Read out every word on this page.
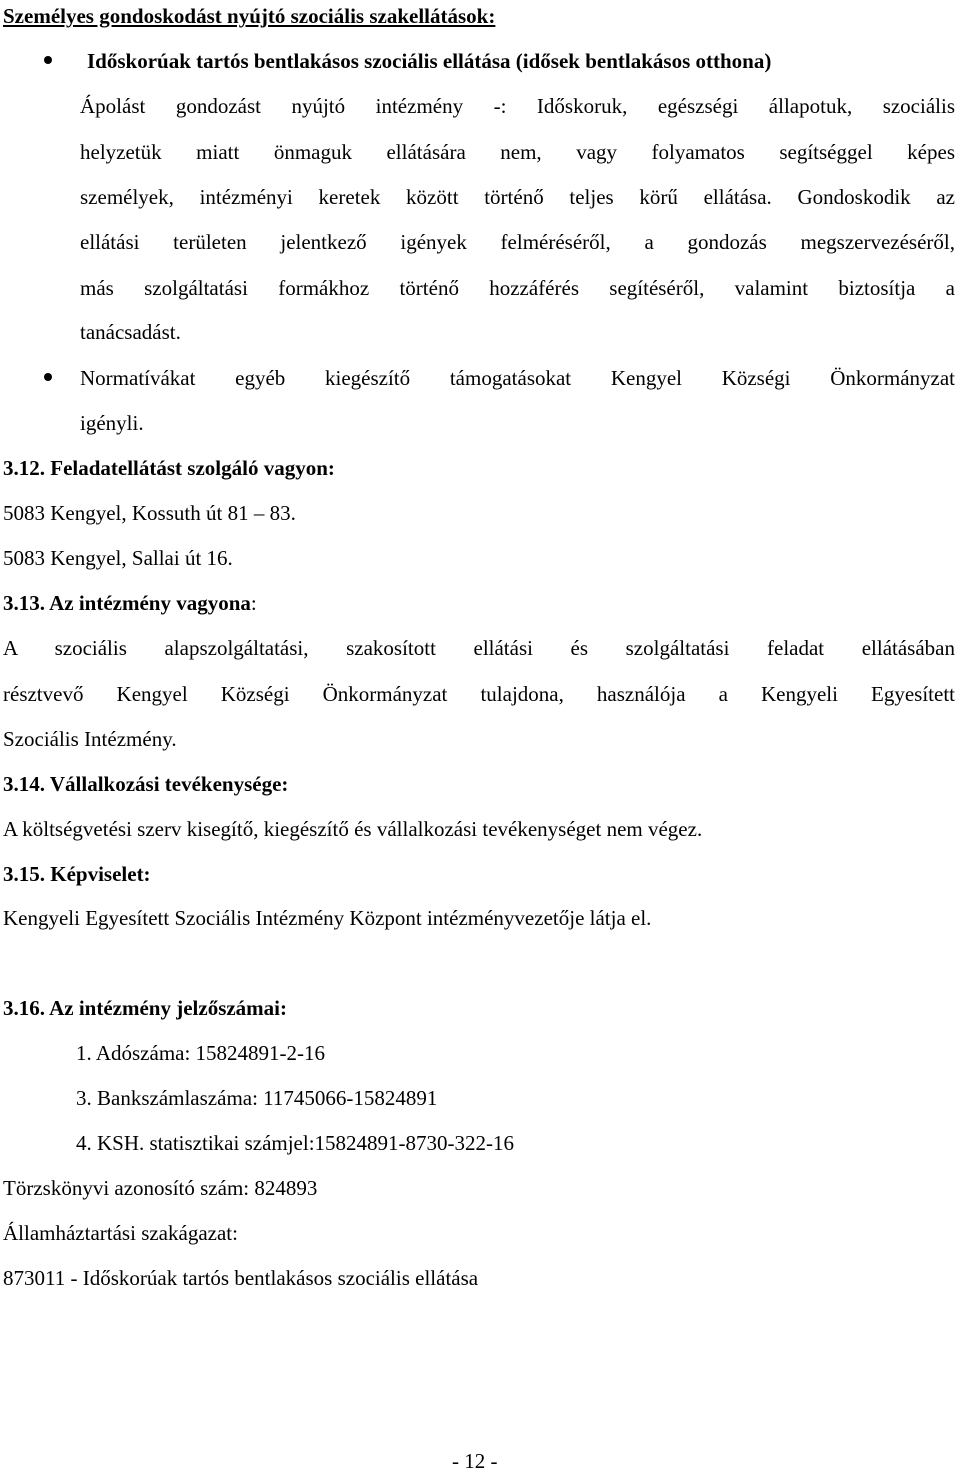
Személyes gondoskodást nyújtó szociális szakellátások:
Időskorúak tartós bentlakásos szociális ellátása (idősek bentlakásos otthona)
Ápolást gondozást nyújtó intézmény -: Időskoruk, egészségi állapotuk, szociális
helyzetük miatt önmaguk ellátására nem, vagy folyamatos segítséggel képes
személyek, intézményi keretek között történő teljes körű ellátása. Gondoskodik az
ellátási területen jelentkező igények felméréséről, a gondozás megszervezéséről,
más szolgáltatási formákhoz történő hozzáférés segítéséről, valamint biztosítja a
tanácsadást.
Normatívákat egyéb kiegészítő támogatásokat Kengyel Községi Önkormányzat
igényli.
3.12. Feladatellátást szolgáló vagyon:
5083 Kengyel, Kossuth út 81 – 83.
5083 Kengyel, Sallai út 16.
3.13. Az intézmény vagyona:
A szociális alapszolgáltatási, szakosított ellátási és szolgáltatási feladat ellátásában
résztvevő Kengyel Községi Önkormányzat tulajdona, használója a Kengyeli Egyesített
Szociális Intézmény.
3.14. Vállalkozási tevékenysége:
A költségvetési szerv kisegítő, kiegészítő és vállalkozási tevékenységet nem végez.
3.15. Képviselet:
Kengyeli Egyesített Szociális Intézmény Központ intézményvezetője látja el.
3.16. Az intézmény jelzőszámai:
1. Adószáma: 15824891-2-16
3. Bankszámlaszáma: 11745066-15824891
4. KSH. statisztikai számjel:15824891-8730-322-16
Törzskönyvi azonosító szám: 824893
Államháztartási szakágazat:
873011 - Időskorúak tartós bentlakásos szociális ellátása
- 12 -
